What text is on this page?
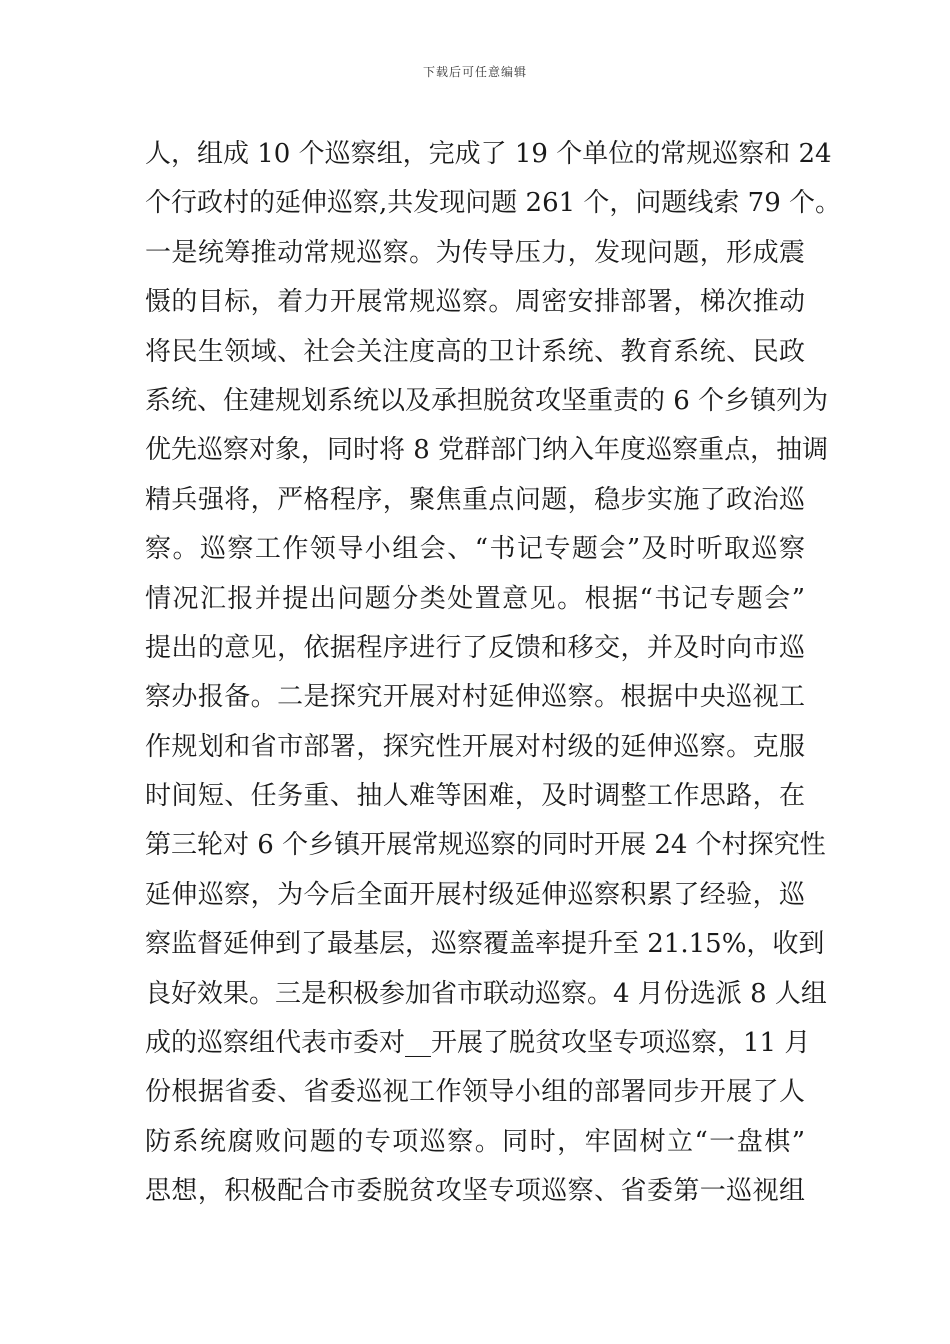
下载后可任意编辑
人，组成 10 个巡察组，完成了 19 个单位的常规巡察和 24
个行政村的延伸巡察,共发现问题 261 个，问题线索 79 个。
一是统筹推动常规巡察。为传导压力，发现问题，形成震
慑的目标，着力开展常规巡察。周密安排部署，梯次推动
将民生领域、社会关注度高的卫计系统、教育系统、民政
系统、住建规划系统以及承担脱贫攻坚重责的 6 个乡镇列为
优先巡察对象，同时将 8 党群部门纳入年度巡察重点，抽调
精兵强将，严格程序，聚焦重点问题，稳步实施了政治巡
察。巡察工作领导小组会、“书记专题会”及时听取巡察
情况汇报并提出问题分类处置意见。根据“书记专题会”
提出的意见，依据程序进行了反馈和移交，并及时向市巡
察办报备。二是探究开展对村延伸巡察。根据中央巡视工
作规划和省市部署，探究性开展对村级的延伸巡察。克服
时间短、任务重、抽人难等困难，及时调整工作思路，在
第三轮对 6 个乡镇开展常规巡察的同时开展 24 个村探究性
延伸巡察，为今后全面开展村级延伸巡察积累了经验，巡
察监督延伸到了最基层，巡察覆盖率提升至 21.15%，收到
良好效果。三是积极参加省市联动巡察。4 月份选派 8 人组
成的巡察组代表市委对__开展了脱贫攻坚专项巡察，11 月
份根据省委、省委巡视工作领导小组的部署同步开展了人
防系统腐败问题的专项巡察。同时，牢固树立“一盘棋”
思想，积极配合市委脱贫攻坚专项巡察、省委第一巡视组
